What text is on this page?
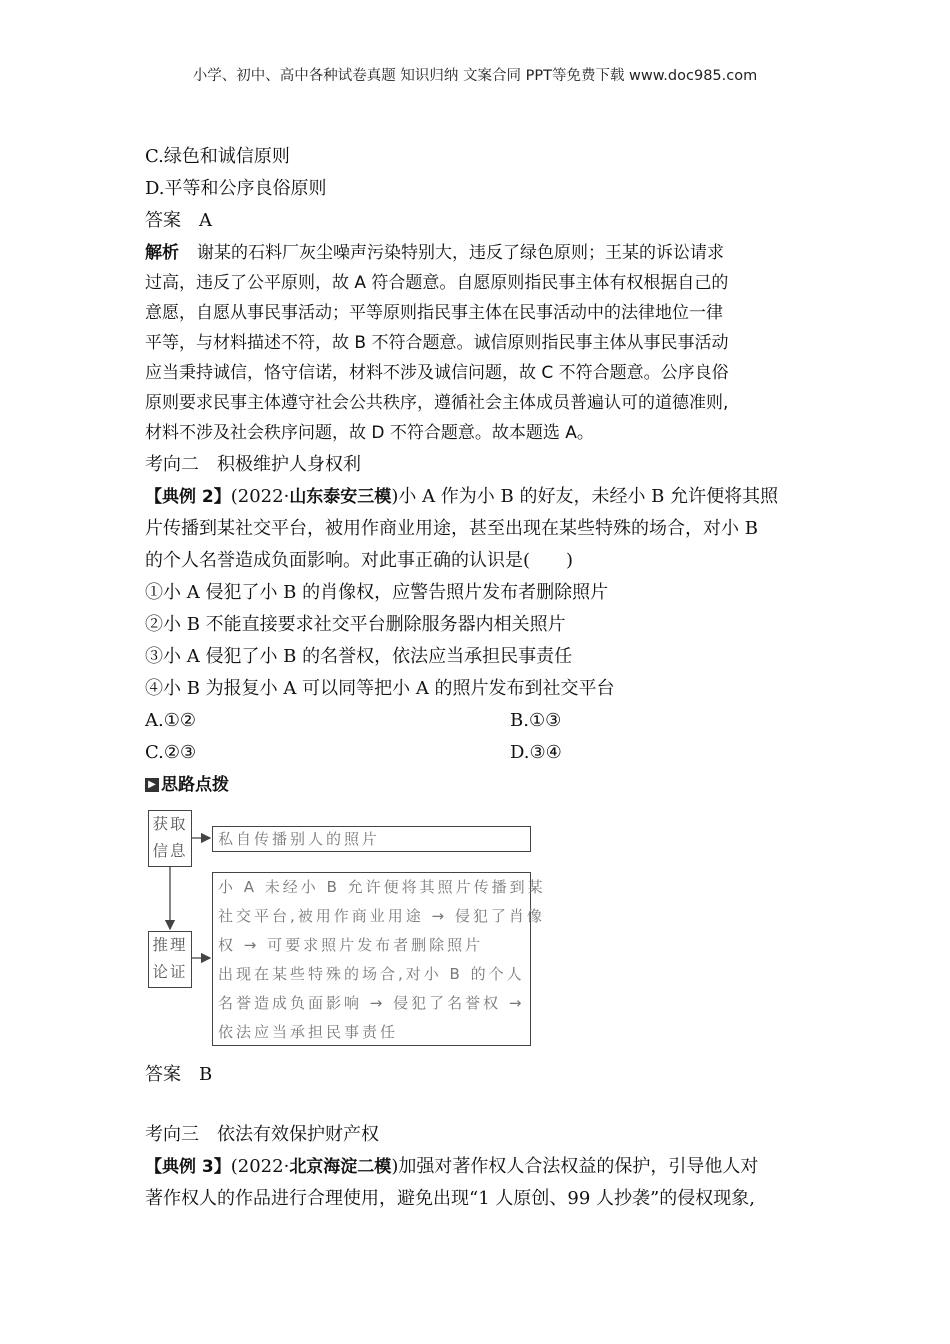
小学、初中、高中各种试卷真题 知识归纳 文案合同 PPT等免费下载 www.doc985.com
C.绿色和诚信原则
D.平等和公序良俗原则
答案 A
解析 谢某的石料厂灰尘噪声污染特别大，违反了绿色原则；王某的诉讼请求
过高，违反了公平原则，故 A 符合题意。自愿原则指民事主体有权根据自己的
意愿，自愿从事民事活动；平等原则指民事主体在民事活动中的法律地位一律
平等，与材料描述不符，故 B 不符合题意。诚信原则指民事主体从事民事活动
应当秉持诚信，恪守信诺，材料不涉及诚信问题，故 C 不符合题意。公序良俗
原则要求民事主体遵守社会公共秩序，遵循社会主体成员普遍认可的道德准则,
材料不涉及社会秩序问题，故 D 不符合题意。故本题选 A。
考向二 积极维护人身权利
【典例 2】(2022·山东泰安三模)小 A 作为小 B 的好友，未经小 B 允许便将其照
片传播到某社交平台，被用作商业用途，甚至出现在某些特殊的场合，对小 B
的个人名誉造成负面影响。对此事正确的认识是(　　)
①小 A 侵犯了小 B 的肖像权，应警告照片发布者删除照片
②小 B 不能直接要求社交平台删除服务器内相关照片
③小 A 侵犯了小 B 的名誉权，依法应当承担民事责任
④小 B 为报复小 A 可以同等把小 A 的照片发布到社交平台
A.①②	B.①③
C.②③	D.③④
▶ 思路点拨
获取
信息
私自传播别人的照片
推理
论证
小 A 未经小 B 允许便将其照片传播到某
社交平台,被用作商业用途 → 侵犯了肖像
权 → 可要求照片发布者删除照片
出现在某些特殊的场合,对小 B 的个人
名誉造成负面影响 → 侵犯了名誉权 →
依法应当承担民事责任
答案 B
考向三 依法有效保护财产权
【典例 3】(2022·北京海淀二模)加强对著作权人合法权益的保护，引导他人对
著作权人的作品进行合理使用，避免出现“1 人原创、99 人抄袭”的侵权现象,
